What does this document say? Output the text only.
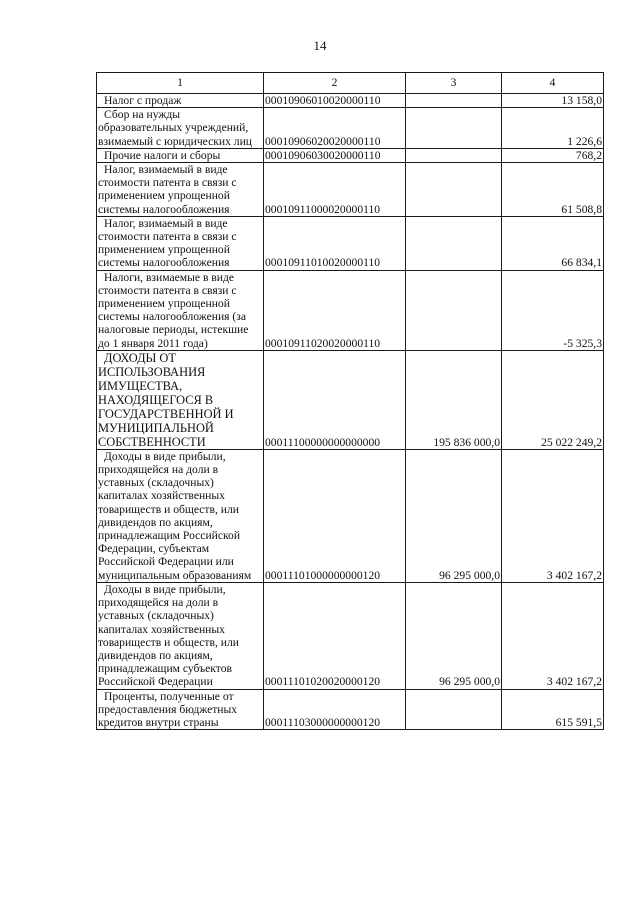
14
1	2	3	4
Налог с продаж	00010906010020000110		13 158,0
Сбор на нужды образовательных учреждений, взимаемый с юридических лиц	00010906020020000110		1 226,6
Прочие налоги и сборы	00010906030020000110		768,2
Налог, взимаемый в виде стоимости патента в связи с применением упрощенной системы налогообложения	00010911000020000110		61 508,8
Налог, взимаемый в виде стоимости патента в связи с применением упрощенной системы налогообложения	00010911010020000110		66 834,1
Налоги, взимаемые в виде стоимости патента в связи с применением упрощенной системы налогообложения (за налоговые периоды, истекшие до 1 января 2011 года)	00010911020020000110		-5 325,3
ДОХОДЫ ОТ ИСПОЛЬЗОВАНИЯ ИМУЩЕСТВА, НАХОДЯЩЕГОСЯ В ГОСУДАРСТВЕННОЙ И МУНИЦИПАЛЬНОЙ СОБСТВЕННОСТИ	00011100000000000000	195 836 000,0	25 022 249,2
Доходы в виде прибыли, приходящейся на доли в уставных (складочных) капиталах хозяйственных товариществ и обществ, или дивидендов по акциям, принадлежащим Российской Федерации, субъектам Российской Федерации или муниципальным образованиям	00011101000000000120	96 295 000,0	3 402 167,2
Доходы в виде прибыли, приходящейся на доли в уставных (складочных) капиталах хозяйственных товариществ и обществ, или дивидендов по акциям, принадлежащим субъектов Российской Федерации	00011101020020000120	96 295 000,0	3 402 167,2
Проценты, полученные от предоставления бюджетных кредитов внутри страны	00011103000000000120		615 591,5
